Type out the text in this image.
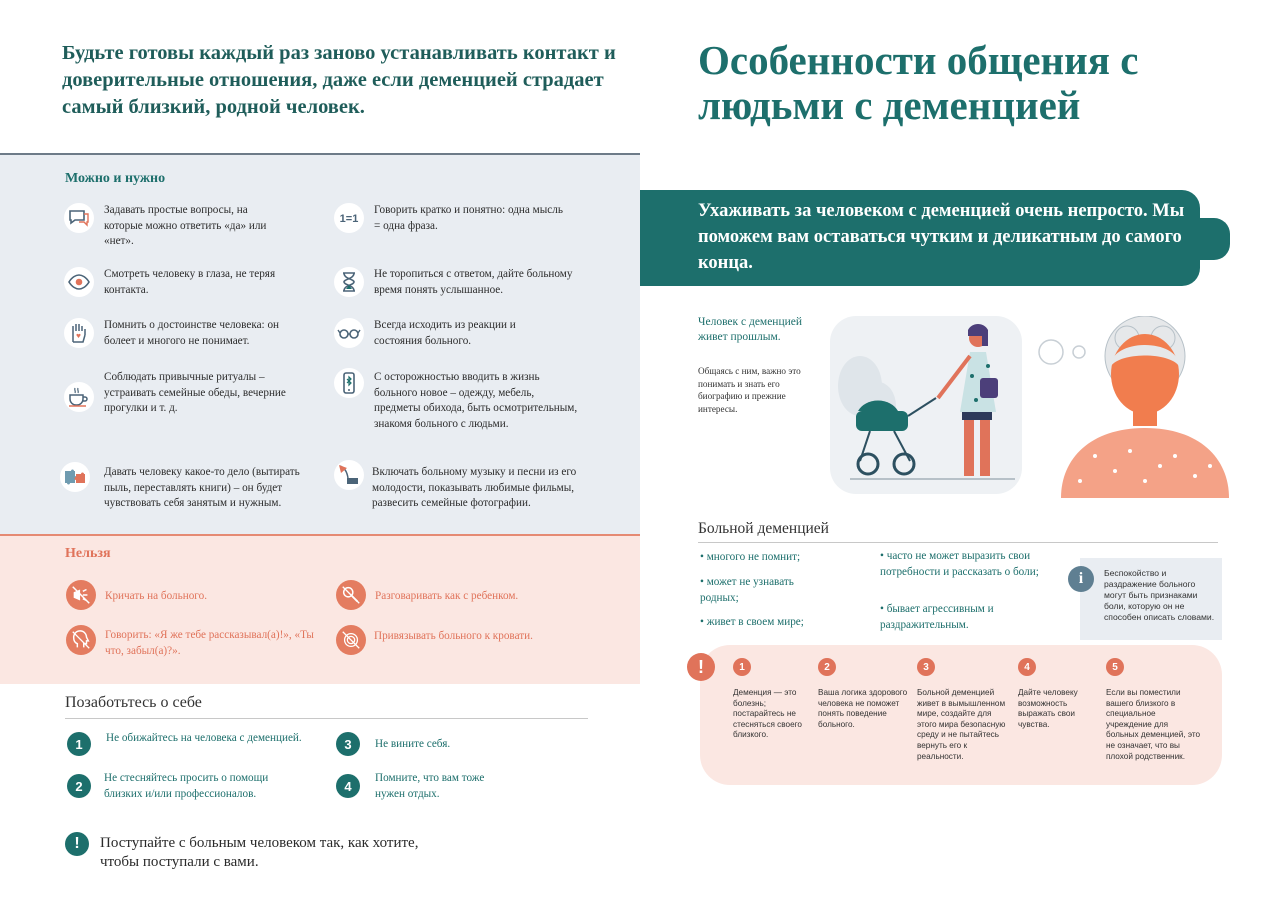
Будьте готовы каждый раз заново устанавливать контакт и доверительные отношения, даже если деменцией страдает самый близкий, родной человек.
Можно и нужно
1=1
Задавать простые вопросы, на которые можно ответить «да» или «нет».
Говорить кратко и понятно: одна мысль = одна фраза.
Смотреть человеку в глаза, не теряя контакта.
Не торопиться с ответом, дайте больному время понять услышанное.
Помнить о достоинстве человека: он болеет и многого не понимает.
Всегда исходить из реакции и состояния больного.
Соблюдать привычные ритуалы – устраивать семейные обеды, вечерние прогулки и т. д.
С осторожностью вводить в жизнь больного новое – одежду, мебель, предметы обихода, быть осмотрительным, знакомя больного с людьми.
Давать человеку какое-то дело (вытирать пыль, переставлять книги) – он будет чувствовать себя занятым и нужным.
Включать больному музыку и песни из его молодости, показывать любимые фильмы, развесить семейные фотографии.
Нельзя
Кричать на больного.	Разговаривать как с ребенком.
Говорить: «Я же тебе рассказывал(а)!», «Ты что, забыл(а)?».
Привязывать больного к кровати.
Позаботьтесь о себе
1	Не обижайтесь на человека с деменцией.	3	Не вините себя.
2
Не стесняйтесь просить о помощи близких и/или профессионалов.	4
Помните, что вам тоже нужен отдых.
!	Поступайте с больным человеком так, как хотите, чтобы поступали с вами.
Особенности общения с людьми с деменцией
Ухаживать за человеком с деменцией очень непросто. Мы поможем вам оставаться чутким и деликатным до самого конца.
Человек с деменцией живет прошлым.
Общаясь с ним, важно это понимать и знать его биографию и прежние интересы.
Больной деменцией
• многого не помнит;
• может не узнавать родных;
• живет в своем мире;
• часто не может выразить свои потребности и рассказать о боли;
• бывает агрессивным и раздражительным.
i	Беспокойство и раздражение больного могут быть признаками боли, которую он не способен описать словами.
!	1
Деменция — это болезнь; постарайтесь не стесняться своего близкого.
2
Ваша логика здорового человека не поможет понять поведение больного.
3
Больной деменцией живет в вымышленном мире, создайте для этого мира безопасную среду и не пытайтесь вернуть его к реальности.
4
Дайте человеку возможность выражать свои чувства.
5
Если вы поместили вашего близкого в специальное учреждение для больных деменцией, это не означает, что вы плохой родственник.
